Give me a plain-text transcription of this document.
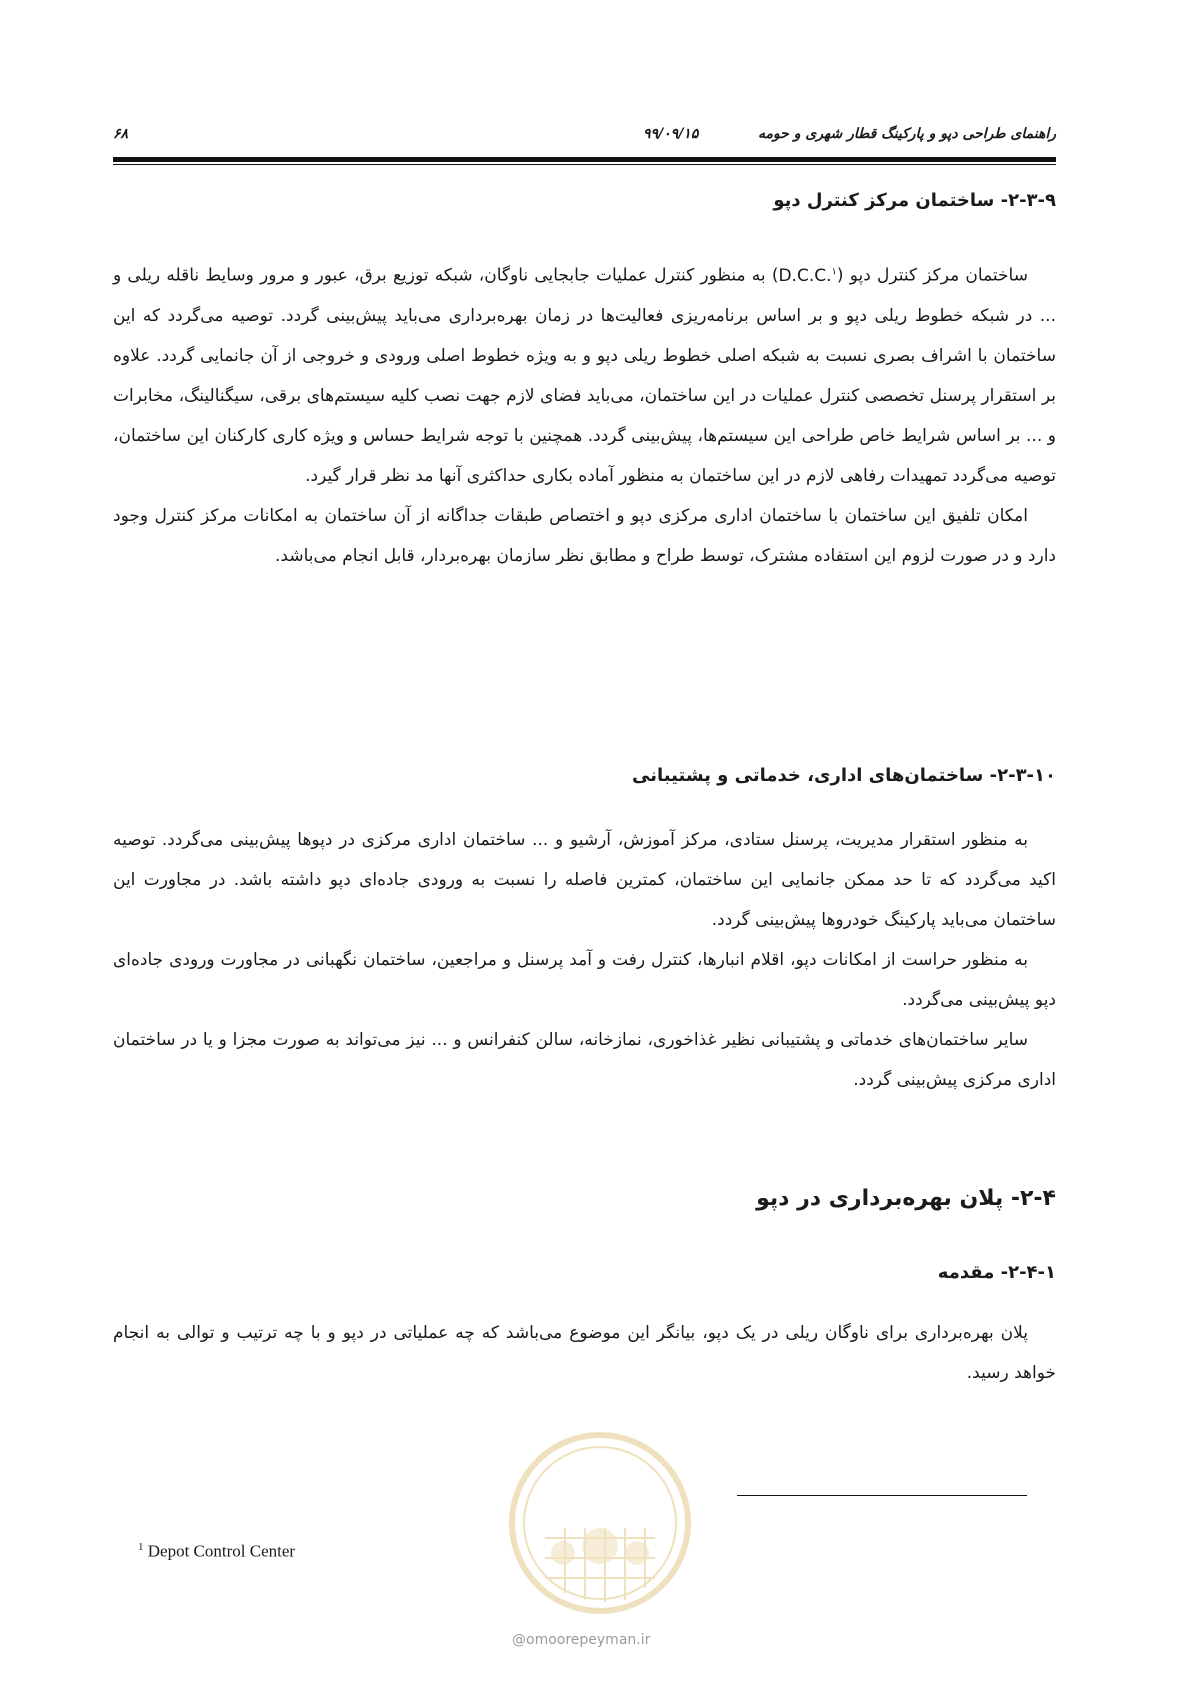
۶۸	۹۹/۰۹/۱۵	راهنمای طراحی دپو و پارکینگ قطار شهری و حومه
۲-۳-۹- ساختمان مرکز کنترل دپو

ساختمان مرکز کنترل دپو (D.C.C.$^۱$) به منظور کنترل عملیات جابجایی ناوگان، شبکه توزیع برق، عبور و مرور وسایط ناقله ریلی و ... در شبکه خطوط ریلی دپو و بر اساس برنامه‌ریزی فعالیت‌ها در زمان بهره‌برداری می‌باید پیش‌بینی گردد. توصیه می‌گردد که این ساختمان با اشراف بصری نسبت به شبکه اصلی خطوط ریلی دپو و به ویژه خطوط اصلی ورودی و خروجی از آن جانمایی گردد. علاوه بر استقرار پرسنل تخصصی کنترل عملیات در این ساختمان، می‌باید فضای لازم جهت نصب کلیه سیستم‌های برقی، سیگنالینگ، مخابرات و ... بر اساس شرایط خاص طراحی این سیستم‌ها، پیش‌بینی گردد. همچنین با توجه شرایط حساس و ویژه کاری کارکنان این ساختمان، توصیه می‌گردد تمهیدات رفاهی لازم در این ساختمان به منظور آماده بکاری حداکثری آنها مد نظر قرار گیرد.

امکان تلفیق این ساختمان با ساختمان اداری مرکزی دپو و اختصاص طبقات جداگانه از آن ساختمان به امکانات مرکز کنترل وجود دارد و در صورت لزوم این استفاده مشترک، توسط طراح و مطابق نظر سازمان بهره‌بردار، قابل انجام می‌باشد.

۲-۳-۱۰- ساختمان‌های اداری، خدماتی و پشتیبانی

به منظور استقرار مدیریت، پرسنل ستادی، مرکز آموزش، آرشیو و ... ساختمان اداری مرکزی در دپوها پیش‌بینی می‌گردد. توصیه اکید می‌گردد که تا حد ممکن جانمایی این ساختمان، کمترین فاصله را نسبت به ورودی جاده‌ای دپو داشته باشد. در مجاورت این ساختمان می‌باید پارکینگ خودروها پیش‌بینی گردد.

به منظور حراست از امکانات دپو، اقلام انبارها، کنترل رفت و آمد پرسنل و مراجعین، ساختمان نگهبانی در مجاورت ورودی جاده‌ای دپو پیش‌بینی می‌گردد.

سایر ساختمان‌های خدماتی و پشتیبانی نظیر غذاخوری، نمازخانه، سالن کنفرانس و ... نیز می‌تواند به صورت مجزا و یا در ساختمان اداری مرکزی پیش‌بینی گردد.

۲-۴- پلان بهره‌برداری در دپو
۲-۴-۱- مقدمه

پلان بهره‌برداری برای ناوگان ریلی در یک دپو، بیانگر این موضوع می‌باشد که چه عملیاتی در دپو و با چه ترتیب و توالی به انجام خواهد رسید.

@omoorepeyman.ir
$^1$ Depot Control Center
